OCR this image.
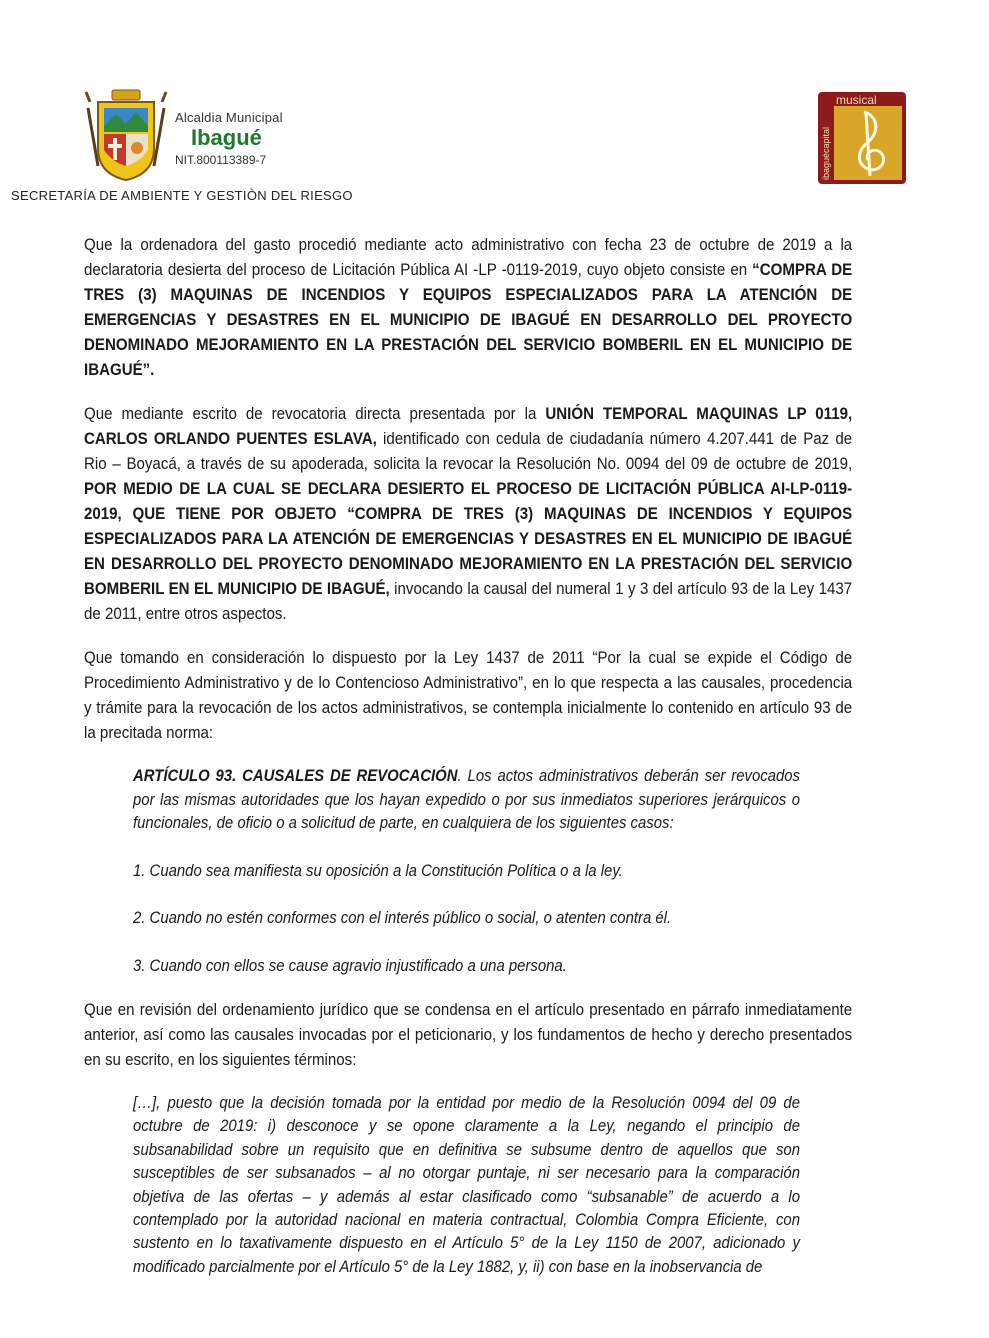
Alcaldia Municipal
Ibagué
NIT.800113389-7
musical
ibaguécapital
SECRETARÍA DE AMBIENTE Y GESTIÒN DEL RIESGO

Que la ordenadora del gasto procedió mediante acto administrativo con fecha 23 de octubre de 2019 a la declaratoria desierta del proceso de Licitación Pública AI -LP -0119-2019, cuyo objeto consiste en “COMPRA DE TRES (3) MAQUINAS DE INCENDIOS Y EQUIPOS ESPECIALIZADOS PARA LA ATENCIÓN DE EMERGENCIAS Y DESASTRES EN EL MUNICIPIO DE IBAGUÉ EN DESARROLLO DEL PROYECTO DENOMINADO MEJORAMIENTO EN LA PRESTACIÓN DEL SERVICIO BOMBERIL EN EL MUNICIPIO DE IBAGUÉ”.

Que mediante escrito de revocatoria directa presentada por la UNIÓN TEMPORAL MAQUINAS LP 0119, CARLOS ORLANDO PUENTES ESLAVA, identificado con cedula de ciudadanía número 4.207.441 de Paz de Rio – Boyacá, a través de su apoderada, solicita la revocar la Resolución No. 0094 del 09 de octubre de 2019, POR MEDIO DE LA CUAL SE DECLARA DESIERTO EL PROCESO DE LICITACIÓN PÚBLICA AI-LP-0119-2019, QUE TIENE POR OBJETO “COMPRA DE TRES (3) MAQUINAS DE INCENDIOS Y EQUIPOS ESPECIALIZADOS PARA LA ATENCIÓN DE EMERGENCIAS Y DESASTRES EN EL MUNICIPIO DE IBAGUÉ EN DESARROLLO DEL PROYECTO DENOMINADO MEJORAMIENTO EN LA PRESTACIÓN DEL SERVICIO BOMBERIL EN EL MUNICIPIO DE IBAGUÉ, invocando la causal del numeral 1 y 3 del artículo 93 de la Ley 1437 de 2011, entre otros aspectos.

Que tomando en consideración lo dispuesto por la Ley 1437 de 2011 “Por la cual se expide el Código de Procedimiento Administrativo y de lo Contencioso Administrativo”, en lo que respecta a las causales, procedencia y trámite para la revocación de los actos administrativos, se contempla inicialmente lo contenido en artículo 93 de la precitada norma:

ARTÍCULO 93. CAUSALES DE REVOCACIÓN. Los actos administrativos deberán ser revocados por las mismas autoridades que los hayan expedido o por sus inmediatos superiores jerárquicos o funcionales, de oficio o a solicitud de parte, en cualquiera de los siguientes casos:

1. Cuando sea manifiesta su oposición a la Constitución Política o a la ley.

2. Cuando no estén conformes con el interés público o social, o atenten contra él.

3. Cuando con ellos se cause agravio injustificado a una persona.

Que en revisión del ordenamiento jurídico que se condensa en el artículo presentado en párrafo inmediatamente anterior, así como las causales invocadas por el peticionario, y los fundamentos de hecho y derecho presentados en su escrito, en los siguientes términos:

[…], puesto que la decisión tomada por la entidad por medio de la Resolución 0094 del 09 de octubre de 2019: i) desconoce y se opone claramente a la Ley, negando el principio de subsanabilidad sobre un requisito que en definitiva se subsume dentro de aquellos que son susceptibles de ser subsanados – al no otorgar puntaje, ni ser necesario para la comparación objetiva de las ofertas – y además al estar clasificado como “subsanable” de acuerdo a lo contemplado por la autoridad nacional en materia contractual, Colombia Compra Eficiente, con sustento en lo taxativamente dispuesto en el Artículo 5° de la Ley 1150 de 2007, adicionado y modificado parcialmente por el Artículo 5° de la Ley 1882, y, ii) con base en la inobservancia de
